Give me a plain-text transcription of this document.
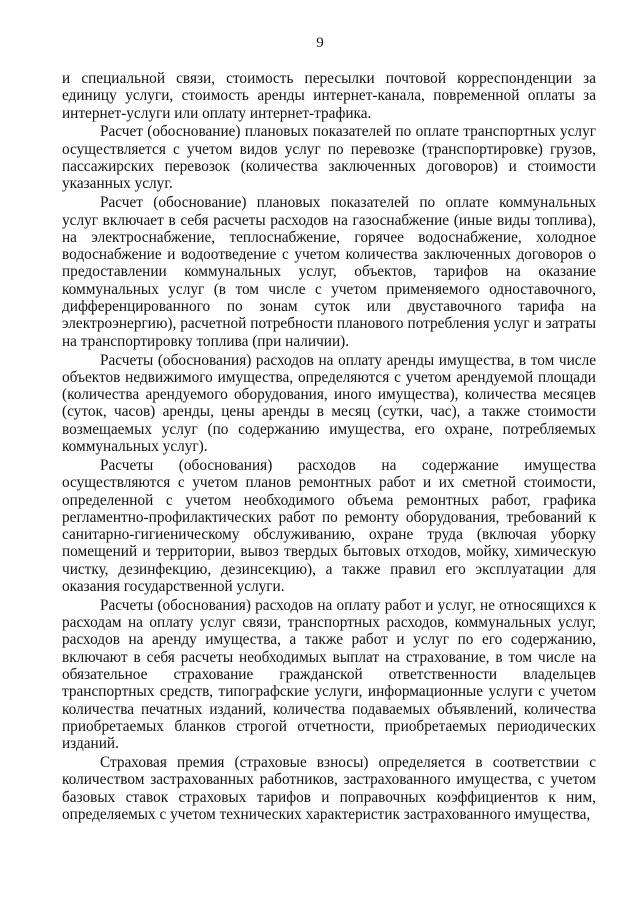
9

и специальной связи, стоимость пересылки почтовой корреспонденции за единицу услуги, стоимость аренды интернет-канала, повременной оплаты за интернет-услуги или оплату интернет-трафика.

Расчет (обоснование) плановых показателей по оплате транспортных услуг осуществляется с учетом видов услуг по перевозке (транспортировке) грузов, пассажирских перевозок (количества заключенных договоров) и стоимости указанных услуг.

Расчет (обоснование) плановых показателей по оплате коммунальных услуг включает в себя расчеты расходов на газоснабжение (иные виды топлива), на электроснабжение, теплоснабжение, горячее водоснабжение, холодное водоснабжение и водоотведение с учетом количества заключенных договоров о предоставлении коммунальных услуг, объектов, тарифов на оказание коммунальных услуг (в том числе с учетом применяемого одноставочного, дифференцированного по зонам суток или двуставочного тарифа на электроэнергию), расчетной потребности планового потребления услуг и затраты на транспортировку топлива (при наличии).

Расчеты (обоснования) расходов на оплату аренды имущества, в том числе объектов недвижимого имущества, определяются с учетом арендуемой площади (количества арендуемого оборудования, иного имущества), количества месяцев (суток, часов) аренды, цены аренды в месяц (сутки, час), а также стоимости возмещаемых услуг (по содержанию имущества, его охране, потребляемых коммунальных услуг).

Расчеты (обоснования) расходов на содержание имущества осуществляются с учетом планов ремонтных работ и их сметной стоимости, определенной с учетом необходимого объема ремонтных работ, графика регламентно-профилактических работ по ремонту оборудования, требований к санитарно-гигиеническому обслуживанию, охране труда (включая уборку помещений и территории, вывоз твердых бытовых отходов, мойку, химическую чистку, дезинфекцию, дезинсекцию), а также правил его эксплуатации для оказания государственной услуги.

Расчеты (обоснования) расходов на оплату работ и услуг, не относящихся к расходам на оплату услуг связи, транспортных расходов, коммунальных услуг, расходов на аренду имущества, а также работ и услуг по его содержанию, включают в себя расчеты необходимых выплат на страхование, в том числе на обязательное страхование гражданской ответственности владельцев транспортных средств, типографские услуги, информационные услуги с учетом количества печатных изданий, количества подаваемых объявлений, количества приобретаемых бланков строгой отчетности, приобретаемых периодических изданий.

Страховая премия (страховые взносы) определяется в соответствии с количеством застрахованных работников, застрахованного имущества, с учетом базовых ставок страховых тарифов и поправочных коэффициентов к ним, определяемых с учетом технических характеристик застрахованного имущества,
